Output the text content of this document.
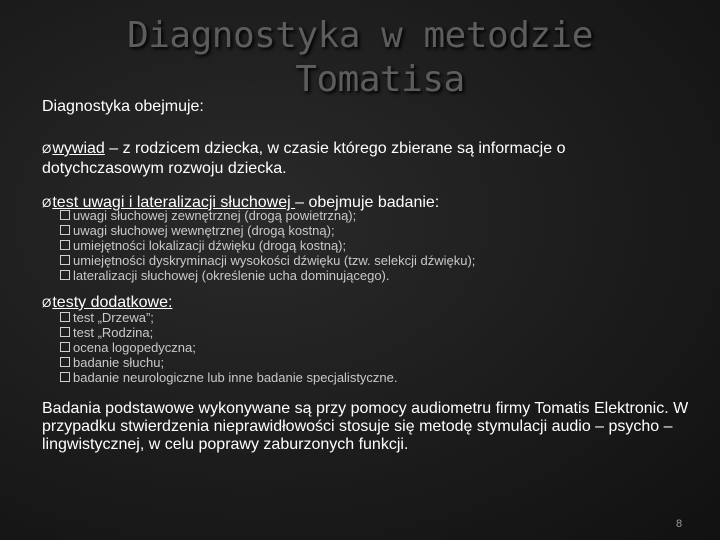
Diagnostyka w metodzie
Tomatisa
Diagnostyka obejmuje:
Øwywiad – z rodzicem dziecka, w czasie którego zbierane są informacje o
dotychczasowym rozwoju dziecka.
Øtest uwagi i lateralizacji słuchowej – obejmuje badanie:
uwagi słuchowej zewnętrznej (drogą powietrzną);
uwagi słuchowej wewnętrznej (drogą kostną);
umiejętności lokalizacji dźwięku (drogą kostną);
umiejętności dyskryminacji wysokości dźwięku (tzw. selekcji dźwięku);
lateralizacji słuchowej (określenie ucha dominującego).
Øtesty dodatkowe:
test „Drzewa”;
test „Rodzina;
ocena logopedyczna;
badanie słuchu;
badanie neurologiczne lub inne badanie specjalistyczne.
Badania podstawowe wykonywane są przy pomocy audiometru firmy Tomatis Elektronic. W przypadku stwierdzenia nieprawidłowości stosuje się metodę stymulacji audio – psycho – lingwistycznej, w celu poprawy zaburzonych funkcji.
8
